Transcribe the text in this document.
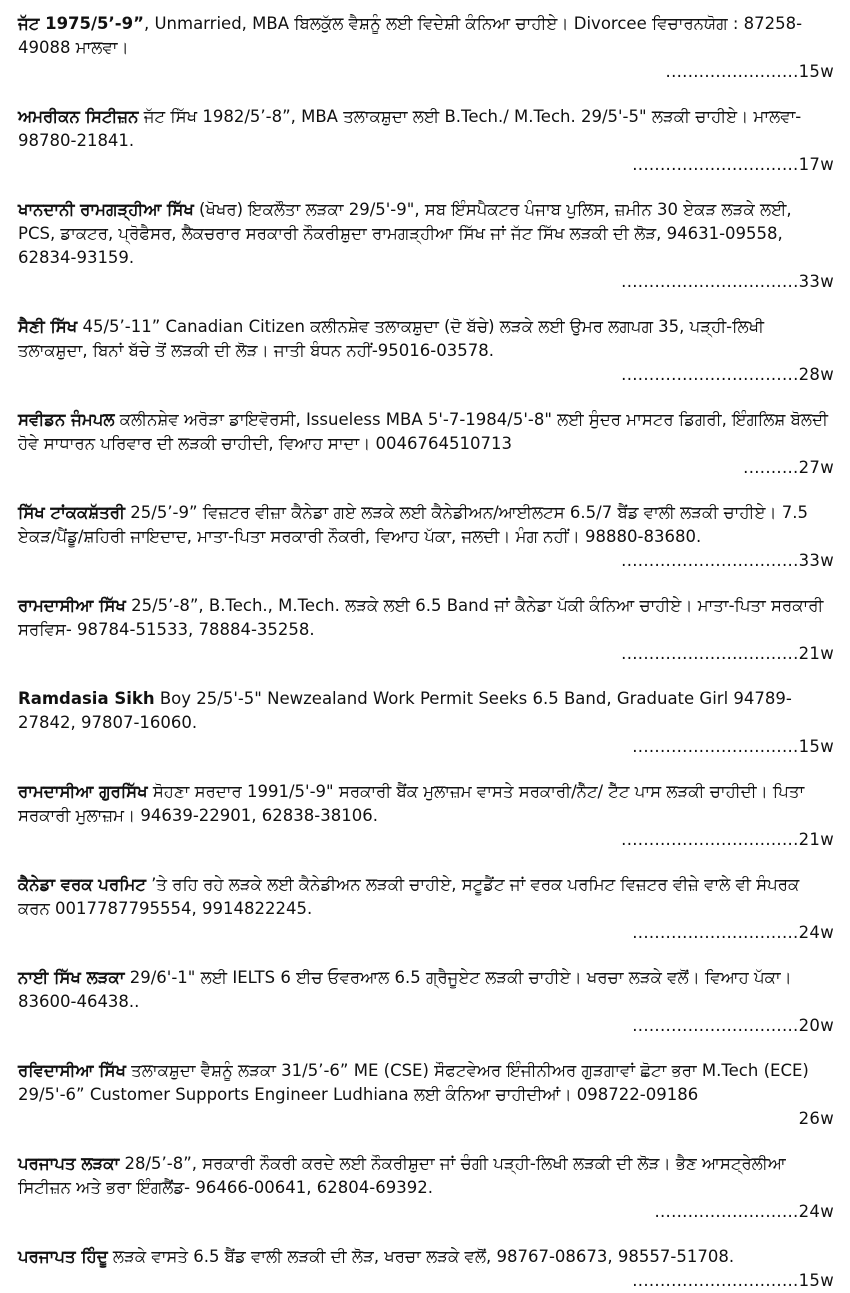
ਜੱਟ 1975/5’-9”, Unmarried, MBA ਬਿਲਕੁੱਲ ਵੈਸ਼ਨੂੰ ਲਈ ਵਿਦੇਸ਼ੀ ਕੰਨਿਆ ਚਾਹੀਏ। Divorcee ਵਿਚਾਰਨਯੋਗ : 87258-49088 ਮਾਲਵਾ।
........................15w
ਅਮਰੀਕਨ ਸਿਟੀਜ਼ਨ ਜੱਟ ਸਿੱਖ 1982/5’-8”, MBA ਤਲਾਕਸ਼ੁਦਾ ਲਈ B.Tech./ M.Tech. 29/5'-5" ਲੜਕੀ ਚਾਹੀਏ। ਮਾਲਵਾ- 98780-21841.
..............................17w
ਖਾਨਦਾਨੀ ਰਾਮਗੜ੍ਹੀਆ ਸਿੱਖ (ਖੋਖਰ) ਇਕਲੌਤਾ ਲੜਕਾ 29/5'-9", ਸਬ ਇੰਸਪੈਕਟਰ ਪੰਜਾਬ ਪੁਲਿਸ, ਜ਼ਮੀਨ 30 ਏਕੜ ਲੜਕੇ ਲਈ, PCS, ਡਾਕਟਰ, ਪ੍ਰੋਫੈਸਰ, ਲੈਕਚਰਾਰ ਸਰਕਾਰੀ ਨੌਕਰੀਸ਼ੁਦਾ ਰਾਮਗੜ੍ਹੀਆ ਸਿੱਖ ਜਾਂ ਜੱਟ ਸਿੱਖ ਲੜਕੀ ਦੀ ਲੋੜ, 94631-09558, 62834-93159.
................................33w
ਸੈਣੀ ਸਿੱਖ 45/5’-11” Canadian Citizen ਕਲੀਨਸ਼ੇਵ ਤਲਾਕਸ਼ੁਦਾ (ਦੋ ਬੱਚੇ) ਲੜਕੇ ਲਈ ਉਮਰ ਲਗਪਗ 35, ਪੜ੍ਹੀ-ਲਿਖੀ ਤਲਾਕਸ਼ੁਦਾ, ਬਿਨਾਂ ਬੱਚੇ ਤੋਂ ਲੜਕੀ ਦੀ ਲੋੜ। ਜਾਤੀ ਬੰਧਨ ਨਹੀਂ-95016-03578.
................................28w
ਸਵੀਡਨ ਜੰਮਪਲ ਕਲੀਨਸ਼ੇਵ ਅਰੋੜਾ ਡਾਇਵੋਰਸੀ, Issueless MBA 5'-7-1984/5'-8" ਲਈ ਸੁੰਦਰ ਮਾਸਟਰ ਡਿਗਰੀ, ਇੰਗਲਿਸ਼ ਬੋਲਦੀ ਹੋਵੇ ਸਾਧਾਰਨ ਪਰਿਵਾਰ ਦੀ ਲੜਕੀ ਚਾਹੀਦੀ, ਵਿਆਹ ਸਾਦਾ। 0046764510713
..........27w
ਸਿੱਖ ਟਾਂਕਕਸ਼ੱਤਰੀ 25/5’-9” ਵਿਜ਼ਟਰ ਵੀਜ਼ਾ ਕੈਨੇਡਾ ਗਏ ਲੜਕੇ ਲਈ ਕੈਨੇਡੀਅਨ/ਆਈਲਟਸ 6.5/7 ਬੈਂਡ ਵਾਲੀ ਲੜਕੀ ਚਾਹੀਏ। 7.5 ਏਕੜ/ਪੈਂਡੂ/ਸ਼ਹਿਰੀ ਜਾਇਦਾਦ, ਮਾਤਾ-ਪਿਤਾ ਸਰਕਾਰੀ ਨੌਕਰੀ, ਵਿਆਹ ਪੱਕਾ, ਜਲਦੀ। ਮੰਗ ਨਹੀਂ। 98880-83680.
................................33w
ਰਾਮਦਾਸੀਆ ਸਿੱਖ 25/5’-8”, B.Tech., M.Tech. ਲੜਕੇ ਲਈ 6.5 Band ਜਾਂ ਕੈਨੇਡਾ ਪੱਕੀ ਕੰਨਿਆ ਚਾਹੀਏ। ਮਾਤਾ-ਪਿਤਾ ਸਰਕਾਰੀ ਸਰਵਿਸ- 98784-51533, 78884-35258.
................................21w
Ramdasia Sikh Boy 25/5'-5" Newzealand Work Permit Seeks 6.5 Band, Graduate Girl 94789-27842, 97807-16060.
..............................15w
ਰਾਮਦਾਸੀਆ ਗੁਰਸਿੱਖ ਸੋਹਣਾ ਸਰਦਾਰ 1991/5'-9" ਸਰਕਾਰੀ ਬੈਂਕ ਮੁਲਾਜ਼ਮ ਵਾਸਤੇ ਸਰਕਾਰੀ/ਨੈੱਟ/ ਟੈੱਟ ਪਾਸ ਲੜਕੀ ਚਾਹੀਦੀ। ਪਿਤਾ ਸਰਕਾਰੀ ਮੁਲਾਜ਼ਮ। 94639-22901, 62838-38106.
................................21w
ਕੈਨੇਡਾ ਵਰਕ ਪਰਮਿਟ ’ਤੇ ਰਹਿ ਰਹੇ ਲੜਕੇ ਲਈ ਕੈਨੇਡੀਅਨ ਲੜਕੀ ਚਾਹੀਏ, ਸਟੂਡੈਂਟ ਜਾਂ ਵਰਕ ਪਰਮਿਟ ਵਿਜ਼ਟਰ ਵੀਜ਼ੇ ਵਾਲੇ ਵੀ ਸੰਪਰਕ ਕਰਨ 0017787795554, 9914822245.
..............................24w
ਨਾਈ ਸਿੱਖ ਲੜਕਾ 29/6'-1" ਲਈ IELTS 6 ਈਚ ਓਵਰਆਲ 6.5 ਗ੍ਰੈਜੂਏਟ ਲੜਕੀ ਚਾਹੀਏ। ਖਰਚਾ ਲੜਕੇ ਵਲੋਂ। ਵਿਆਹ ਪੱਕਾ। 83600-46438..
..............................20w
ਰਵਿਦਾਸੀਆ ਸਿੱਖ ਤਲਾਕਸ਼ੁਦਾ ਵੈਸ਼ਨੂੰ ਲੜਕਾ 31/5’-6” ME (CSE) ਸੌਫਟਵੇਅਰ ਇੰਜੀਨੀਅਰ ਗੁੜਗਾਵਾਂ ਛੋਟਾ ਭਰਾ M.Tech (ECE) 29/5'-6” Customer Supports Engineer Ludhiana ਲਈ ਕੰਨਿਆ ਚਾਹੀਦੀਆਂ। 098722-09186
26w
ਪਰਜਾਪਤ ਲੜਕਾ 28/5’-8”, ਸਰਕਾਰੀ ਨੌਕਰੀ ਕਰਦੇ ਲਈ ਨੌਕਰੀਸ਼ੁਦਾ ਜਾਂ ਚੰਗੀ ਪੜ੍ਹੀ-ਲਿਖੀ ਲੜਕੀ ਦੀ ਲੋੜ। ਭੈਣ ਆਸਟ੍ਰੇਲੀਆ ਸਿਟੀਜ਼ਨ ਅਤੇ ਭਰਾ ਇੰਗਲੈਂਡ- 96466-00641, 62804-69392.
..........................24w
ਪਰਜਾਪਤ ਹਿੰਦੂ ਲੜਕੇ ਵਾਸਤੇ 6.5 ਬੈਂਡ ਵਾਲੀ ਲੜਕੀ ਦੀ ਲੋੜ, ਖਰਚਾ ਲੜਕੇ ਵਲੋਂ, 98767-08673, 98557-51708.
..............................15w
